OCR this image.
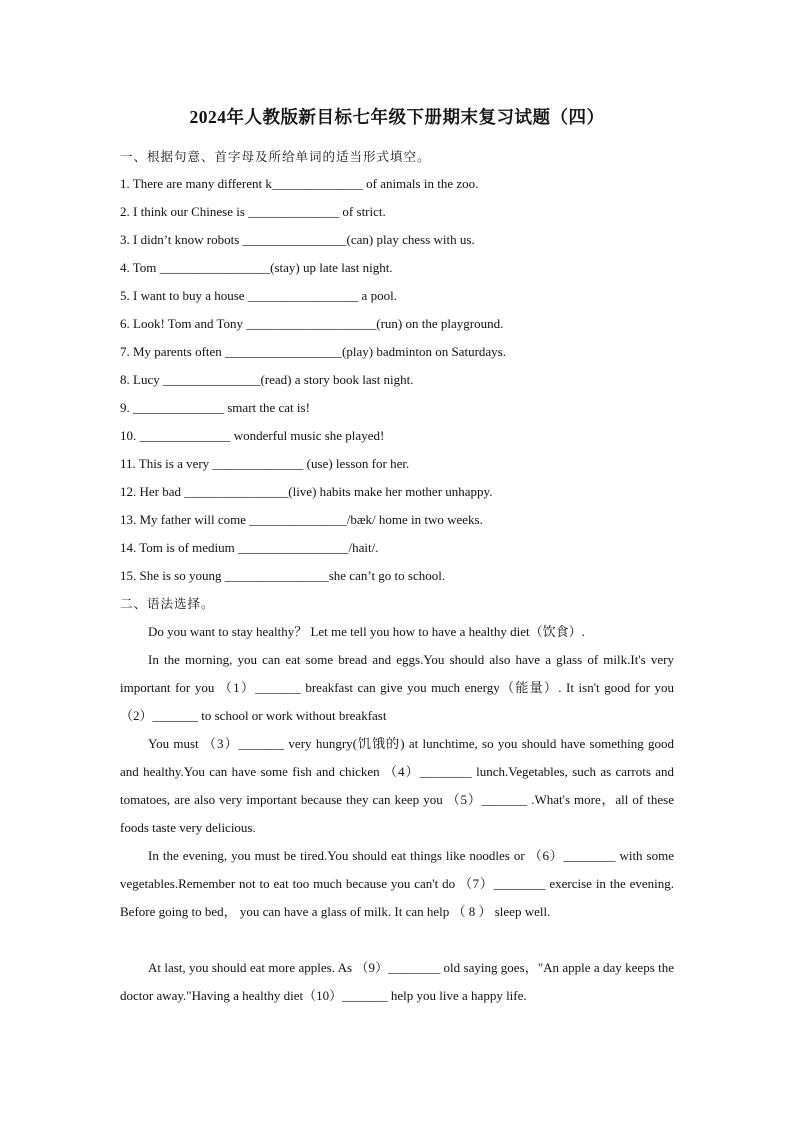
2024年人教版新目标七年级下册期末复习试题（四）
一、根据句意、首字母及所给单词的适当形式填空。
1. There are many different k______________ of animals in the zoo.
2. I think our Chinese is ______________ of strict.
3. I didn’t know robots ________________(can) play chess with us.
4. Tom _________________(stay) up late last night.
5. I want to buy a house _________________ a pool.
6. Look! Tom and Tony ____________________(run) on the playground.
7. My parents often __________________(play) badminton on Saturdays.
8. Lucy _______________(read) a story book last night.
9. ______________ smart the cat is!
10. ______________ wonderful music she played!
11. This is a very ______________ (use) lesson for her.
12. Her bad ________________(live) habits make her mother unhappy.
13. My father will come _______________/bæk/ home in two weeks.
14. Tom is of medium _________________/hait/.
15. She is so young ________________she can’t go to school.
二、语法选择。
Do you want to stay healthy？ Let me tell you how to have a healthy diet（饮食）.
In the morning, you can eat some bread and eggs.You should also have a glass of milk.It's very important for you （1）_______ breakfast can give you much energy（能量）. It isn't good for you （2）_______ to school or work without breakfast
You must （3）_______ very hungry(饥饿的) at lunchtime, so you should have something good and healthy.You can have some fish and chicken （4）________ lunch.Vegetables, such as carrots and tomatoes, are also very important because they can keep you （5）_______ .What's more，all of these foods taste very delicious.
In the evening, you must be tired.You should eat things like noodles or （6）________ with some vegetables.Remember not to eat too much because you can't do （7）________ exercise in the evening. Before going to bed， you can have a glass of milk. It can help （ 8 ） sleep well.
At last, you should eat more apples. As （9）________ old saying goes，"An apple a day keeps the doctor away."Having a healthy diet（10）_______ help you live a happy life.
